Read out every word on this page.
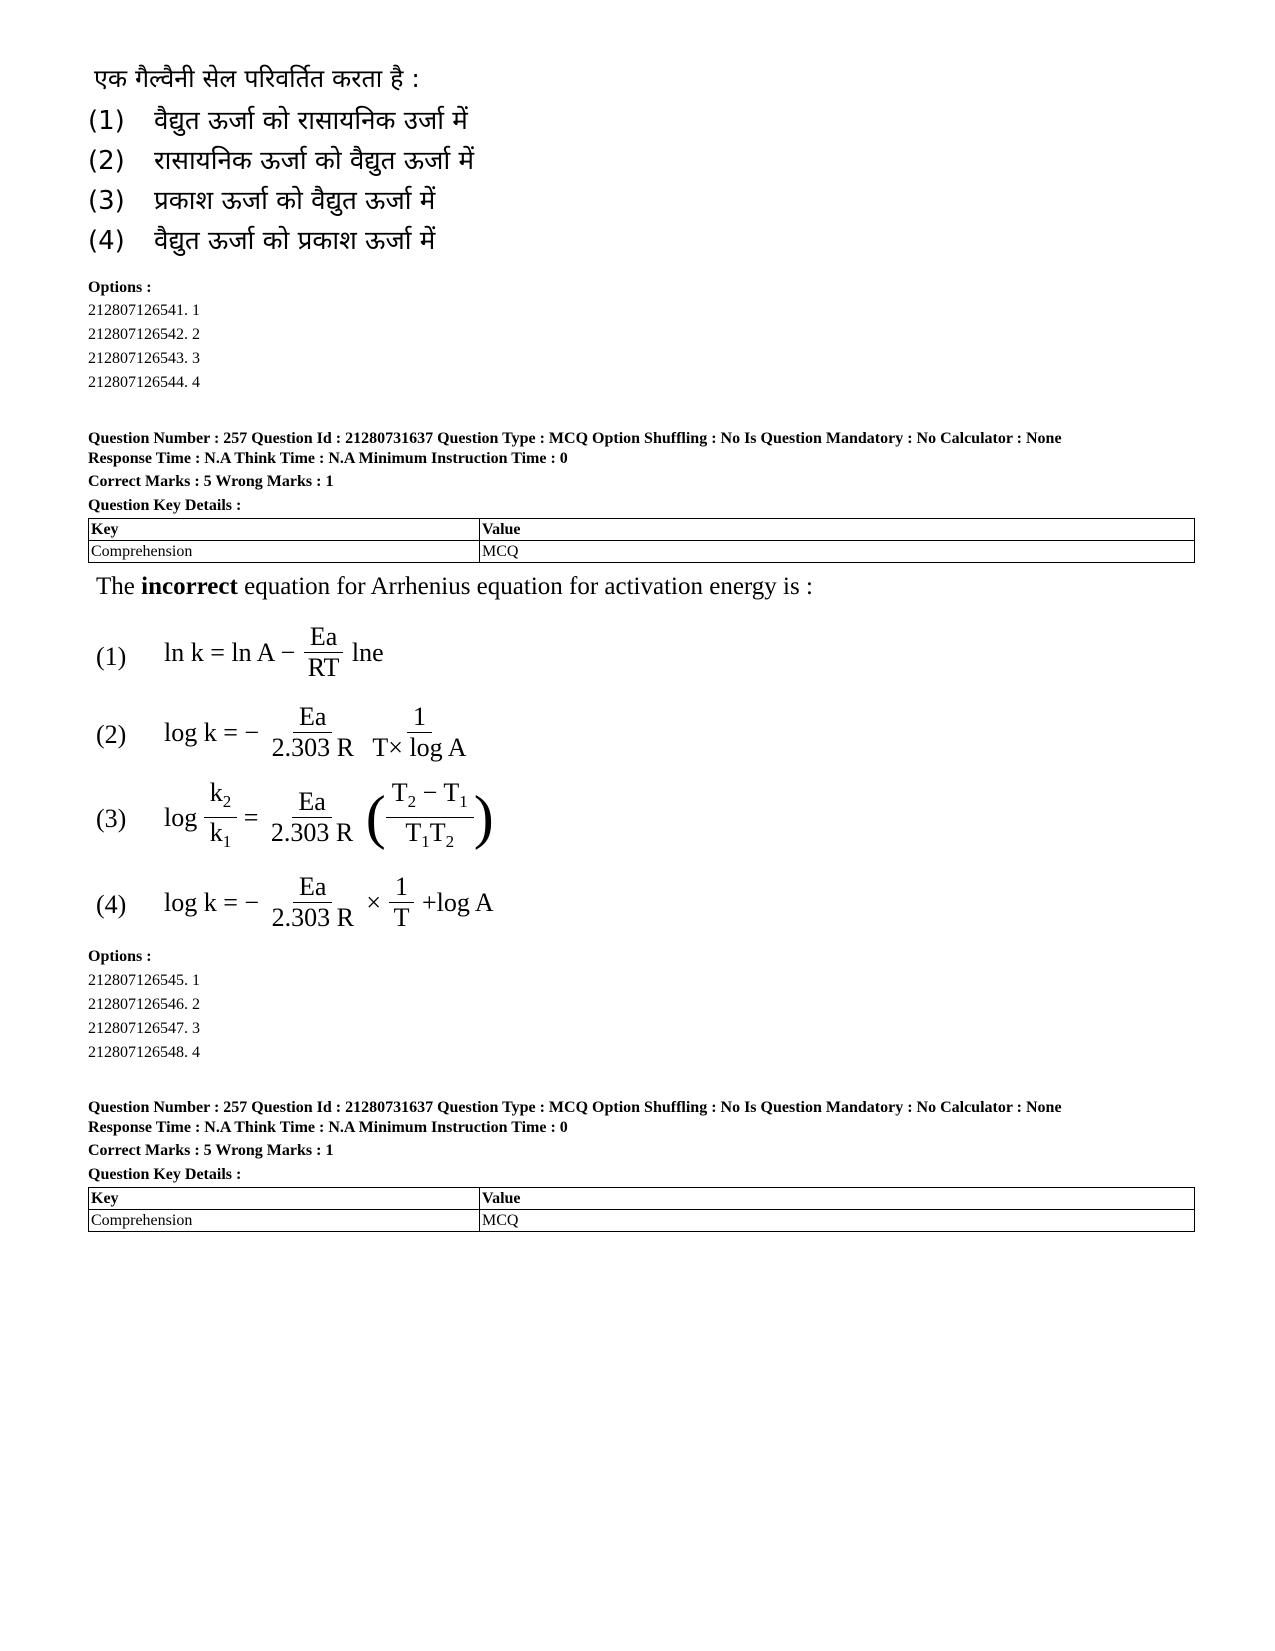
एक गैल्वैनी सेल परिवर्तित करता है :
(1) वैद्युत ऊर्जा को रासायनिक उर्जा में
(2) रासायनिक ऊर्जा को वैद्युत ऊर्जा में
(3) प्रकाश ऊर्जा को वैद्युत ऊर्जा में
(4) वैद्युत ऊर्जा को प्रकाश ऊर्जा में
Options :
212807126541. 1
212807126542. 2
212807126543. 3
212807126544. 4
Question Number : 257 Question Id : 21280731637 Question Type : MCQ Option Shuffling : No Is Question Mandatory : No Calculator : None
Response Time : N.A Think Time : N.A Minimum Instruction Time : 0
Correct Marks : 5 Wrong Marks : 1
Question Key Details :
Key	Value
Comprehension	MCQ
The incorrect equation for Arrhenius equation for activation energy is :
(1) $\ln k = \ln A - \frac{Ea}{RT}$ lne
(2) log k = − $\frac{Ea}{2.303 R}$
$\frac{1}{\text{T× log A}}$
(3) $\log \frac{k_2}{k_1} = \frac{Ea}{2.303 R}$ ( $\frac{T_2 - T_1}{T_1T_2}$ )
(4) log k = − $\frac{Ea}{2.303 R} \times \frac{1}{T} +\log$ A
Options :
212807126545. 1
212807126546. 2
212807126547. 3
212807126548. 4
Question Number : 257 Question Id : 21280731637 Question Type : MCQ Option Shuffling : No Is Question Mandatory : No Calculator : None
Response Time : N.A Think Time : N.A Minimum Instruction Time : 0
Correct Marks : 5 Wrong Marks : 1
Question Key Details :
Key	Value
Comprehension	MCQ
